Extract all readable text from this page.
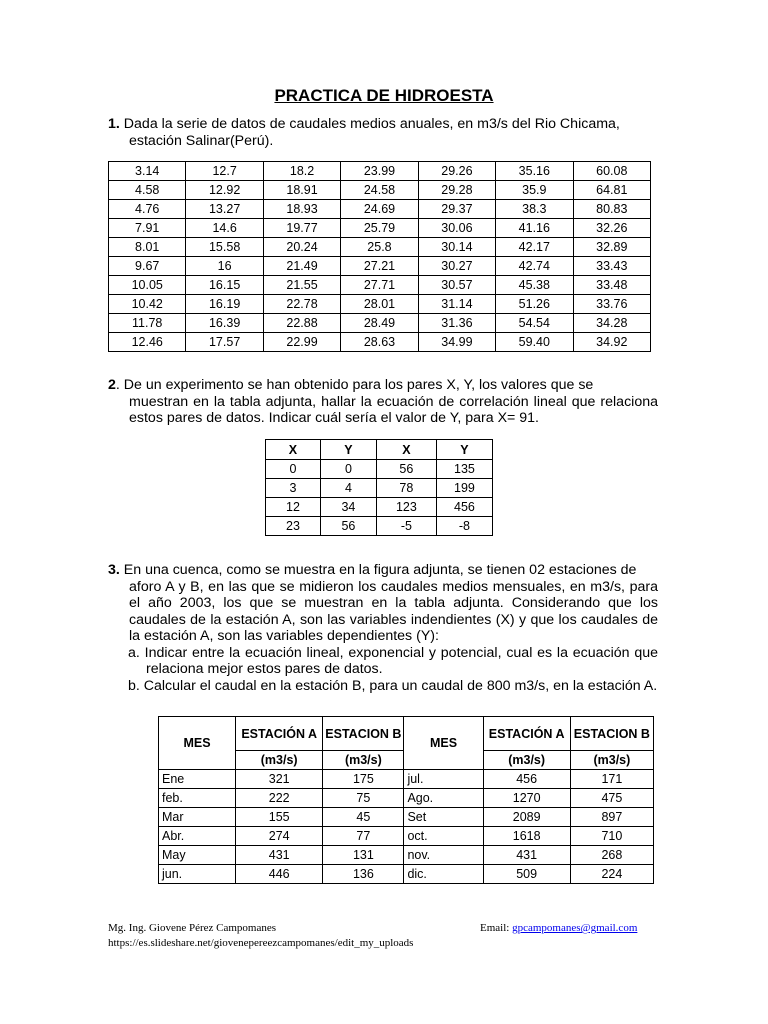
PRACTICA DE HIDROESTA
1. Dada la serie de datos de caudales medios anuales, en m3/s del Rio Chicama,
estación Salinar(Perú).
3.14	12.7	18.2	23.99	29.26	35.16	60.08
4.58	12.92	18.91	24.58	29.28	35.9	64.81
4.76	13.27	18.93	24.69	29.37	38.3	80.83
7.91	14.6	19.77	25.79	30.06	41.16	32.26
8.01	15.58	20.24	25.8	30.14	42.17	32.89
9.67	16	21.49	27.21	30.27	42.74	33.43
10.05	16.15	21.55	27.71	30.57	45.38	33.48
10.42	16.19	22.78	28.01	31.14	51.26	33.76
11.78	16.39	22.88	28.49	31.36	54.54	34.28
12.46	17.57	22.99	28.63	34.99	59.40	34.92
2. De un experimento se han obtenido para los pares X, Y, los valores que se
muestran en la tabla adjunta, hallar la ecuación de correlación lineal que relaciona estos pares de datos. Indicar cuál sería el valor de Y, para X= 91.
X	Y	X	Y
0	0	56	135
3	4	78	199
12	34	123	456
23	56	-5	-8
3. En una cuenca, como se muestra en la figura adjunta, se tienen 02 estaciones de
aforo A y B, en las que se midieron los caudales medios mensuales, en m3/s, para el año 2003, los que se muestran en la tabla adjunta. Considerando que los caudales de la estación A, son las variables indendientes (X) y que los caudales de la estación A, son las variables dependientes (Y):
a. Indicar entre la ecuación lineal, exponencial y potencial, cual es la ecuación que relaciona mejor estos pares de datos.
b. Calcular el caudal en la estación B, para un caudal de 800 m3/s, en la estación A.
MES	ESTACIÓN A	ESTACION B	MES	ESTACIÓN A	ESTACION B
	(m3/s)	(m3/s)		(m3/s)	(m3/s)
Ene	321	175	jul.	456	171
feb.	222	75	Ago.	1270	475
Mar	155	45	Set	2089	897
Abr.	274	77	oct.	1618	710
May	431	131	nov.	431	268
jun.	446	136	dic.	509	224
Mg. Ing. Giovene Pérez Campomanes
https://es.slideshare.net/giovenepereezcampomanes/edit_my_uploads
Email: gpcampomanes@gmail.com
